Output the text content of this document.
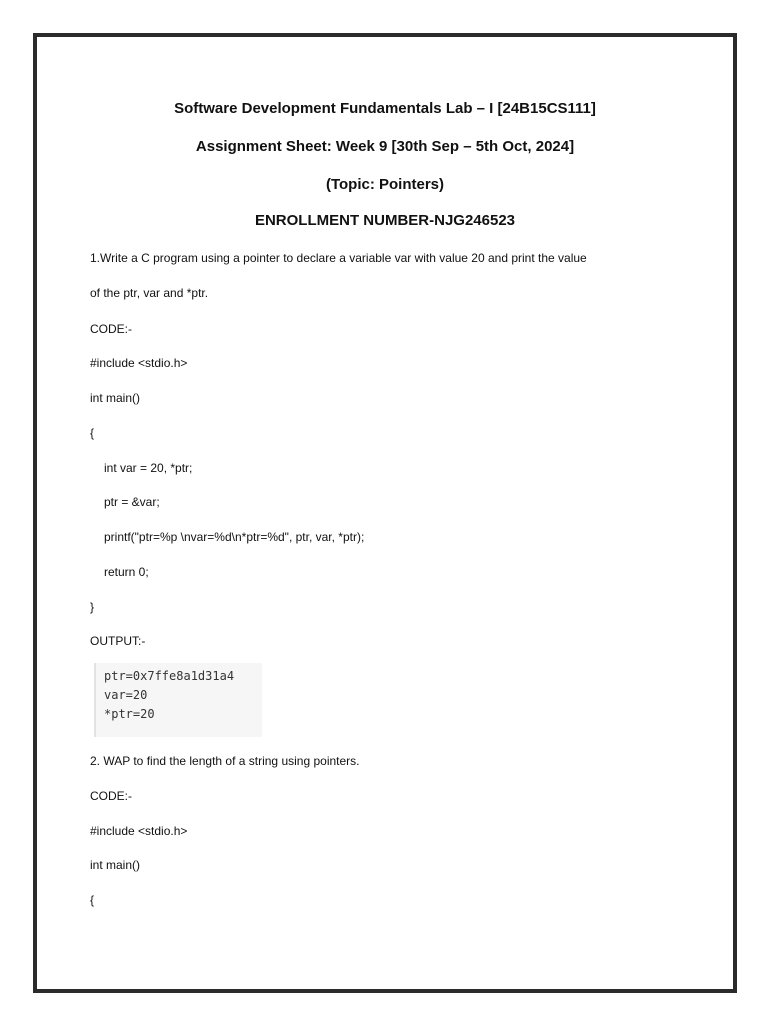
Software Development Fundamentals Lab – I [24B15CS111]
Assignment Sheet: Week 9 [30th Sep – 5th Oct, 2024]
(Topic: Pointers)
ENROLLMENT NUMBER-NJG246523
1.Write a C program using a pointer to declare a variable var with value 20 and print the value
of the ptr, var and *ptr.
CODE:-
#include <stdio.h>
int main()
{
int var = 20, *ptr;
ptr = &var;
printf("ptr=%p \nvar=%d\n*ptr=%d", ptr, var, *ptr);
return 0;
}
OUTPUT:-
ptr=0x7ffe8a1d31a4
var=20
*ptr=20
2. WAP to find the length of a string using pointers.
CODE:-
#include <stdio.h>
int main()
{
